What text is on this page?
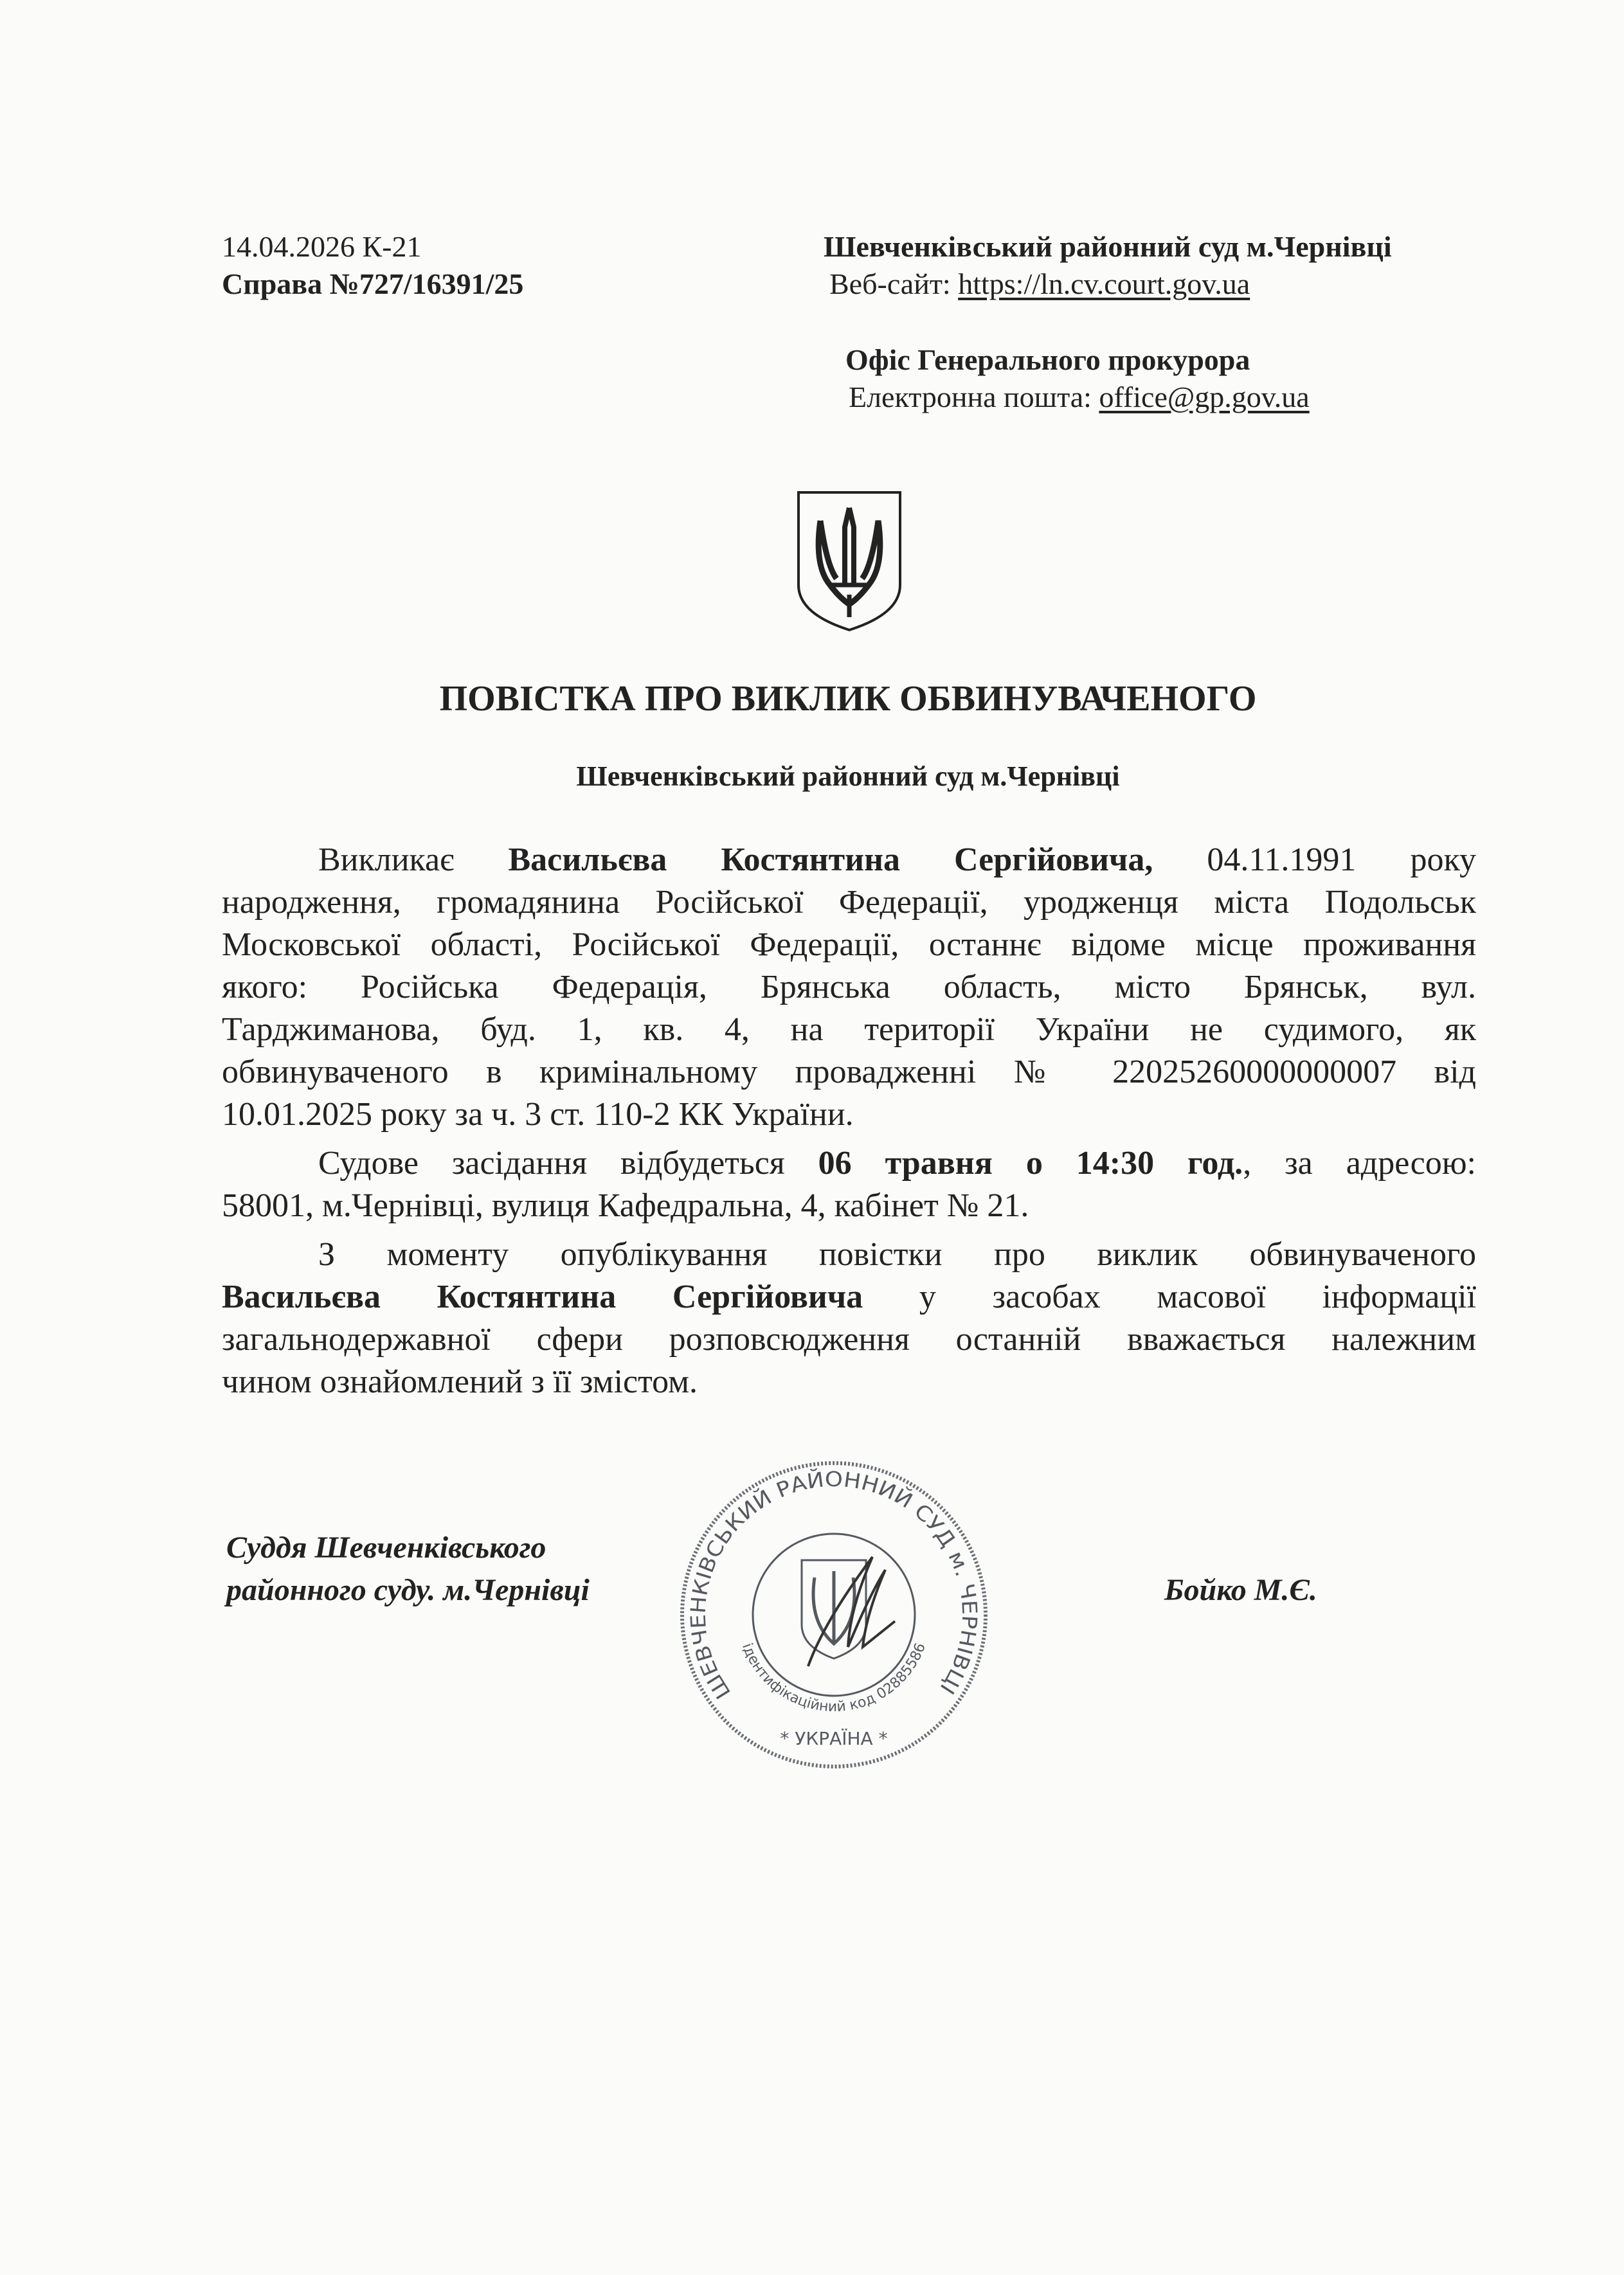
14.04.2026 К-21
Справа №727/16391/25
Шевченківський районний суд м.Чернівці
Веб-сайт: https://ln.cv.court.gov.ua
Офіс Генерального прокурора
Електронна пошта: office@gp.gov.ua
ПОВІСТКА ПРО ВИКЛИК ОБВИНУВАЧЕНОГО
Шевченківський районний суд м.Чернівці
Викликає Васильєва Костянтина Сергійовича, 04.11.1991 року
народження, громадянина Російської Федерації, уродженця міста Подольськ
Московської області, Російської Федерації, останнє відоме місце проживання
якого: Російська Федерація, Брянська область, місто Брянськ, вул.
Тарджиманова, буд. 1, кв. 4, на території України не судимого, як
обвинуваченого в кримінальному провадженні № 22025260000000007 від
10.01.2025 року за ч. 3 ст. 110-2 КК України.
Судове засідання відбудеться 06 травня о 14:30 год., за адресою:
58001, м.Чернівці, вулиця Кафедральна, 4, кабінет № 21.
З моменту опублікування повістки про виклик обвинуваченого
Васильєва Костянтина Сергійовича у засобах масової інформації
загальнодержавної сфери розповсюдження останній вважається належним
чином ознайомлений з її змістом.
Суддя Шевченківського
районного суду. м.Чернівці	Бойко М.Є.
ШЕВЧЕНКІВСЬКИЙ РАЙОННИЙ СУД м. ЧЕРНІВЦІ
ідентифікаційний код 02885586
* УКРАЇНА *
